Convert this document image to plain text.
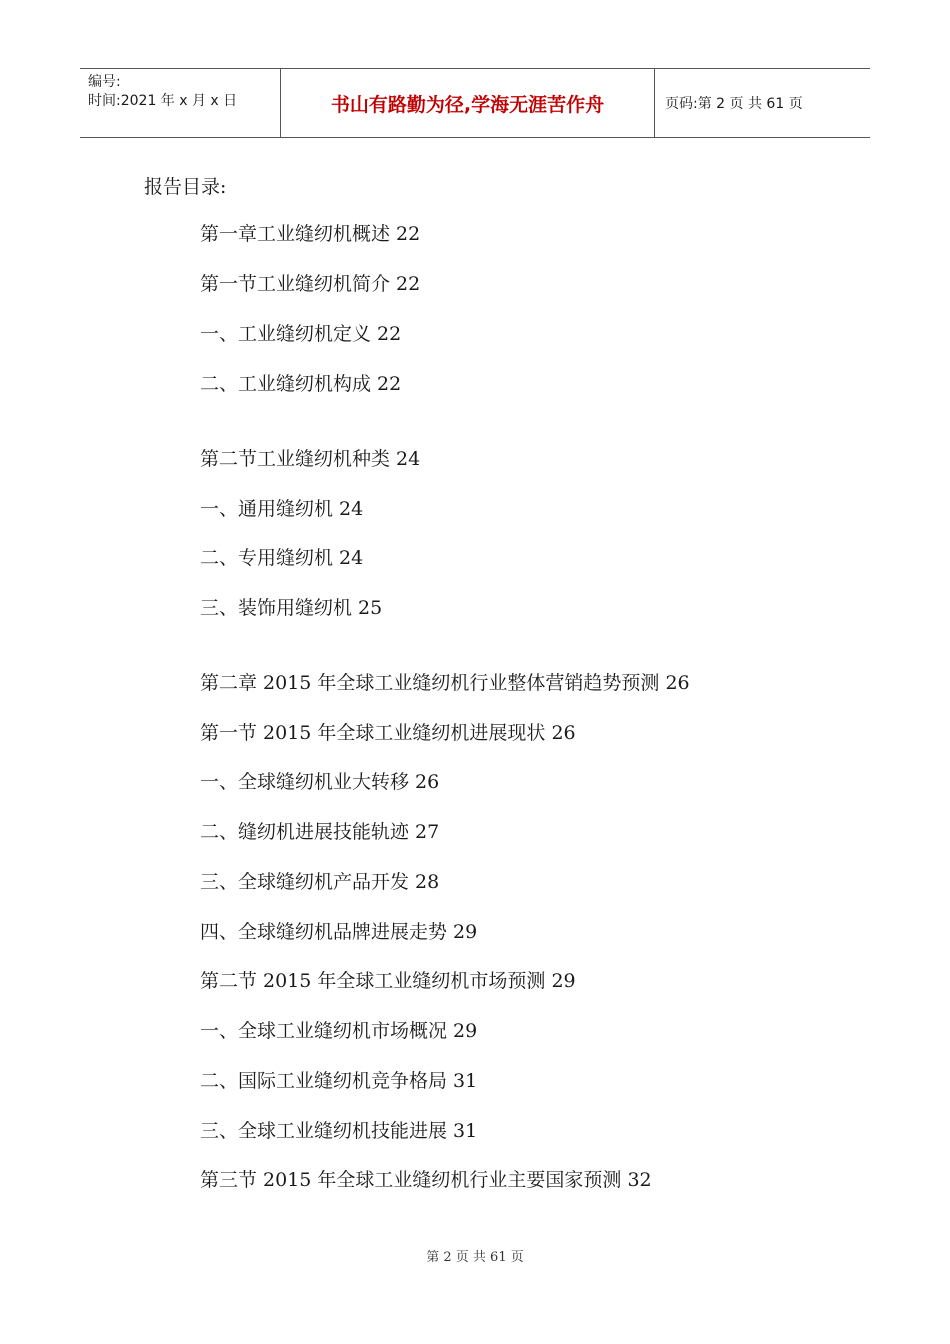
编号:
时间:2021 年 x 月 x 日	书山有路勤为径,学海无涯苦作舟	页码:第 2 页 共 61 页
报告目录:
第一章工业缝纫机概述 22
第一节工业缝纫机简介 22
一、工业缝纫机定义 22
二、工业缝纫机构成 22
第二节工业缝纫机种类 24
一、通用缝纫机 24
二、专用缝纫机 24
三、装饰用缝纫机 25
第二章 2015 年全球工业缝纫机行业整体营销趋势预测 26
第一节 2015 年全球工业缝纫机进展现状 26
一、全球缝纫机业大转移 26
二、缝纫机进展技能轨迹 27
三、全球缝纫机产品开发 28
四、全球缝纫机品牌进展走势 29
第二节 2015 年全球工业缝纫机市场预测 29
一、全球工业缝纫机市场概况 29
二、国际工业缝纫机竞争格局 31
三、全球工业缝纫机技能进展 31
第三节 2015 年全球工业缝纫机行业主要国家预测 32
第 2 页 共 61 页
